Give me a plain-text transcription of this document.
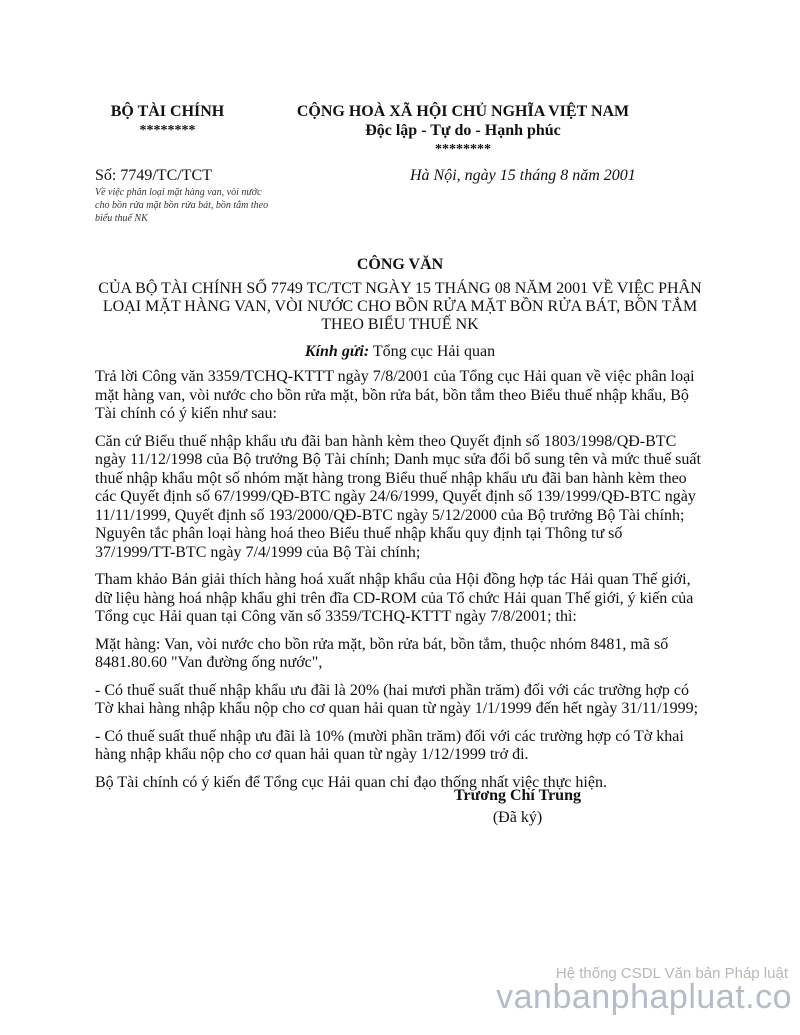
BỘ TÀI CHÍNH
********
CỘNG HOÀ XÃ HỘI CHỦ NGHĨA VIỆT NAM
Độc lập - Tự do - Hạnh phúc
********
Số: 7749/TC/TCT
Về việc phân loại mặt hàng van, vòi nước cho bồn rửa mặt bồn rửa bát, bồn tắm theo biểu thuế NK
Hà Nội, ngày 15 tháng 8 năm 2001
CÔNG VĂN
CỦA BỘ TÀI CHÍNH SỐ 7749 TC/TCT NGÀY 15 THÁNG 08 NĂM 2001 VỀ VIỆC PHÂN LOẠI MẶT HÀNG VAN, VÒI NƯỚC CHO BỒN RỬA MẶT BỒN RỬA BÁT, BỒN TẮM THEO BIỂU THUẾ NK
Kính gửi: Tổng cục Hải quan

Trả lời Công văn 3359/TCHQ-KTTT ngày 7/8/2001 của Tổng cục Hải quan về việc phân loại mặt hàng van, vòi nước cho bồn rửa mặt, bồn rửa bát, bồn tắm theo Biểu thuế nhập khẩu, Bộ Tài chính có ý kiến như sau:

Căn cứ Biểu thuế nhập khẩu ưu đãi ban hành kèm theo Quyết định số 1803/1998/QĐ-BTC ngày 11/12/1998 của Bộ trưởng Bộ Tài chính; Danh mục sửa đổi bổ sung tên và mức thuế suất thuế nhập khẩu một số nhóm mặt hàng trong Biểu thuế nhập khẩu ưu đãi ban hành kèm theo các Quyết định số 67/1999/QĐ-BTC ngày 24/6/1999, Quyết định số 139/1999/QĐ-BTC ngày 11/11/1999, Quyết định số 193/2000/QĐ-BTC ngày 5/12/2000 của Bộ trưởng Bộ Tài chính; Nguyên tắc phân loại hàng hoá theo Biểu thuế nhập khẩu quy định tại Thông tư số 37/1999/TT-BTC ngày 7/4/1999 của Bộ Tài chính;

Tham khảo Bản giải thích hàng hoá xuất nhập khẩu của Hội đồng hợp tác Hải quan Thế giới, dữ liệu hàng hoá nhập khẩu ghi trên đĩa CD-ROM của Tổ chức Hải quan Thế giới, ý kiến của Tổng cục Hải quan tại Công văn số 3359/TCHQ-KTTT ngày 7/8/2001; thì:

Mặt hàng: Van, vòi nước cho bồn rửa mặt, bồn rửa bát, bồn tắm, thuộc nhóm 8481, mã số 8481.80.60 "Van đường ống nước",

- Có thuế suất thuế nhập khẩu ưu đãi là 20% (hai mươi phần trăm) đối với các trường hợp có Tờ khai hàng nhập khẩu nộp cho cơ quan hải quan từ ngày 1/1/1999 đến hết ngày 31/11/1999;

- Có thuế suất thuế nhập ưu đãi là 10% (mười phần trăm) đối với các trường hợp có Tờ khai hàng nhập khẩu nộp cho cơ quan hải quan từ ngày 1/12/1999 trở đi.

Bộ Tài chính có ý kiến để Tổng cục Hải quan chỉ đạo thống nhất việc thực hiện.

Trương Chí Trung
(Đã ký)
Hệ thống CSDL Văn bản Pháp luật
vanbanphapluat.co
